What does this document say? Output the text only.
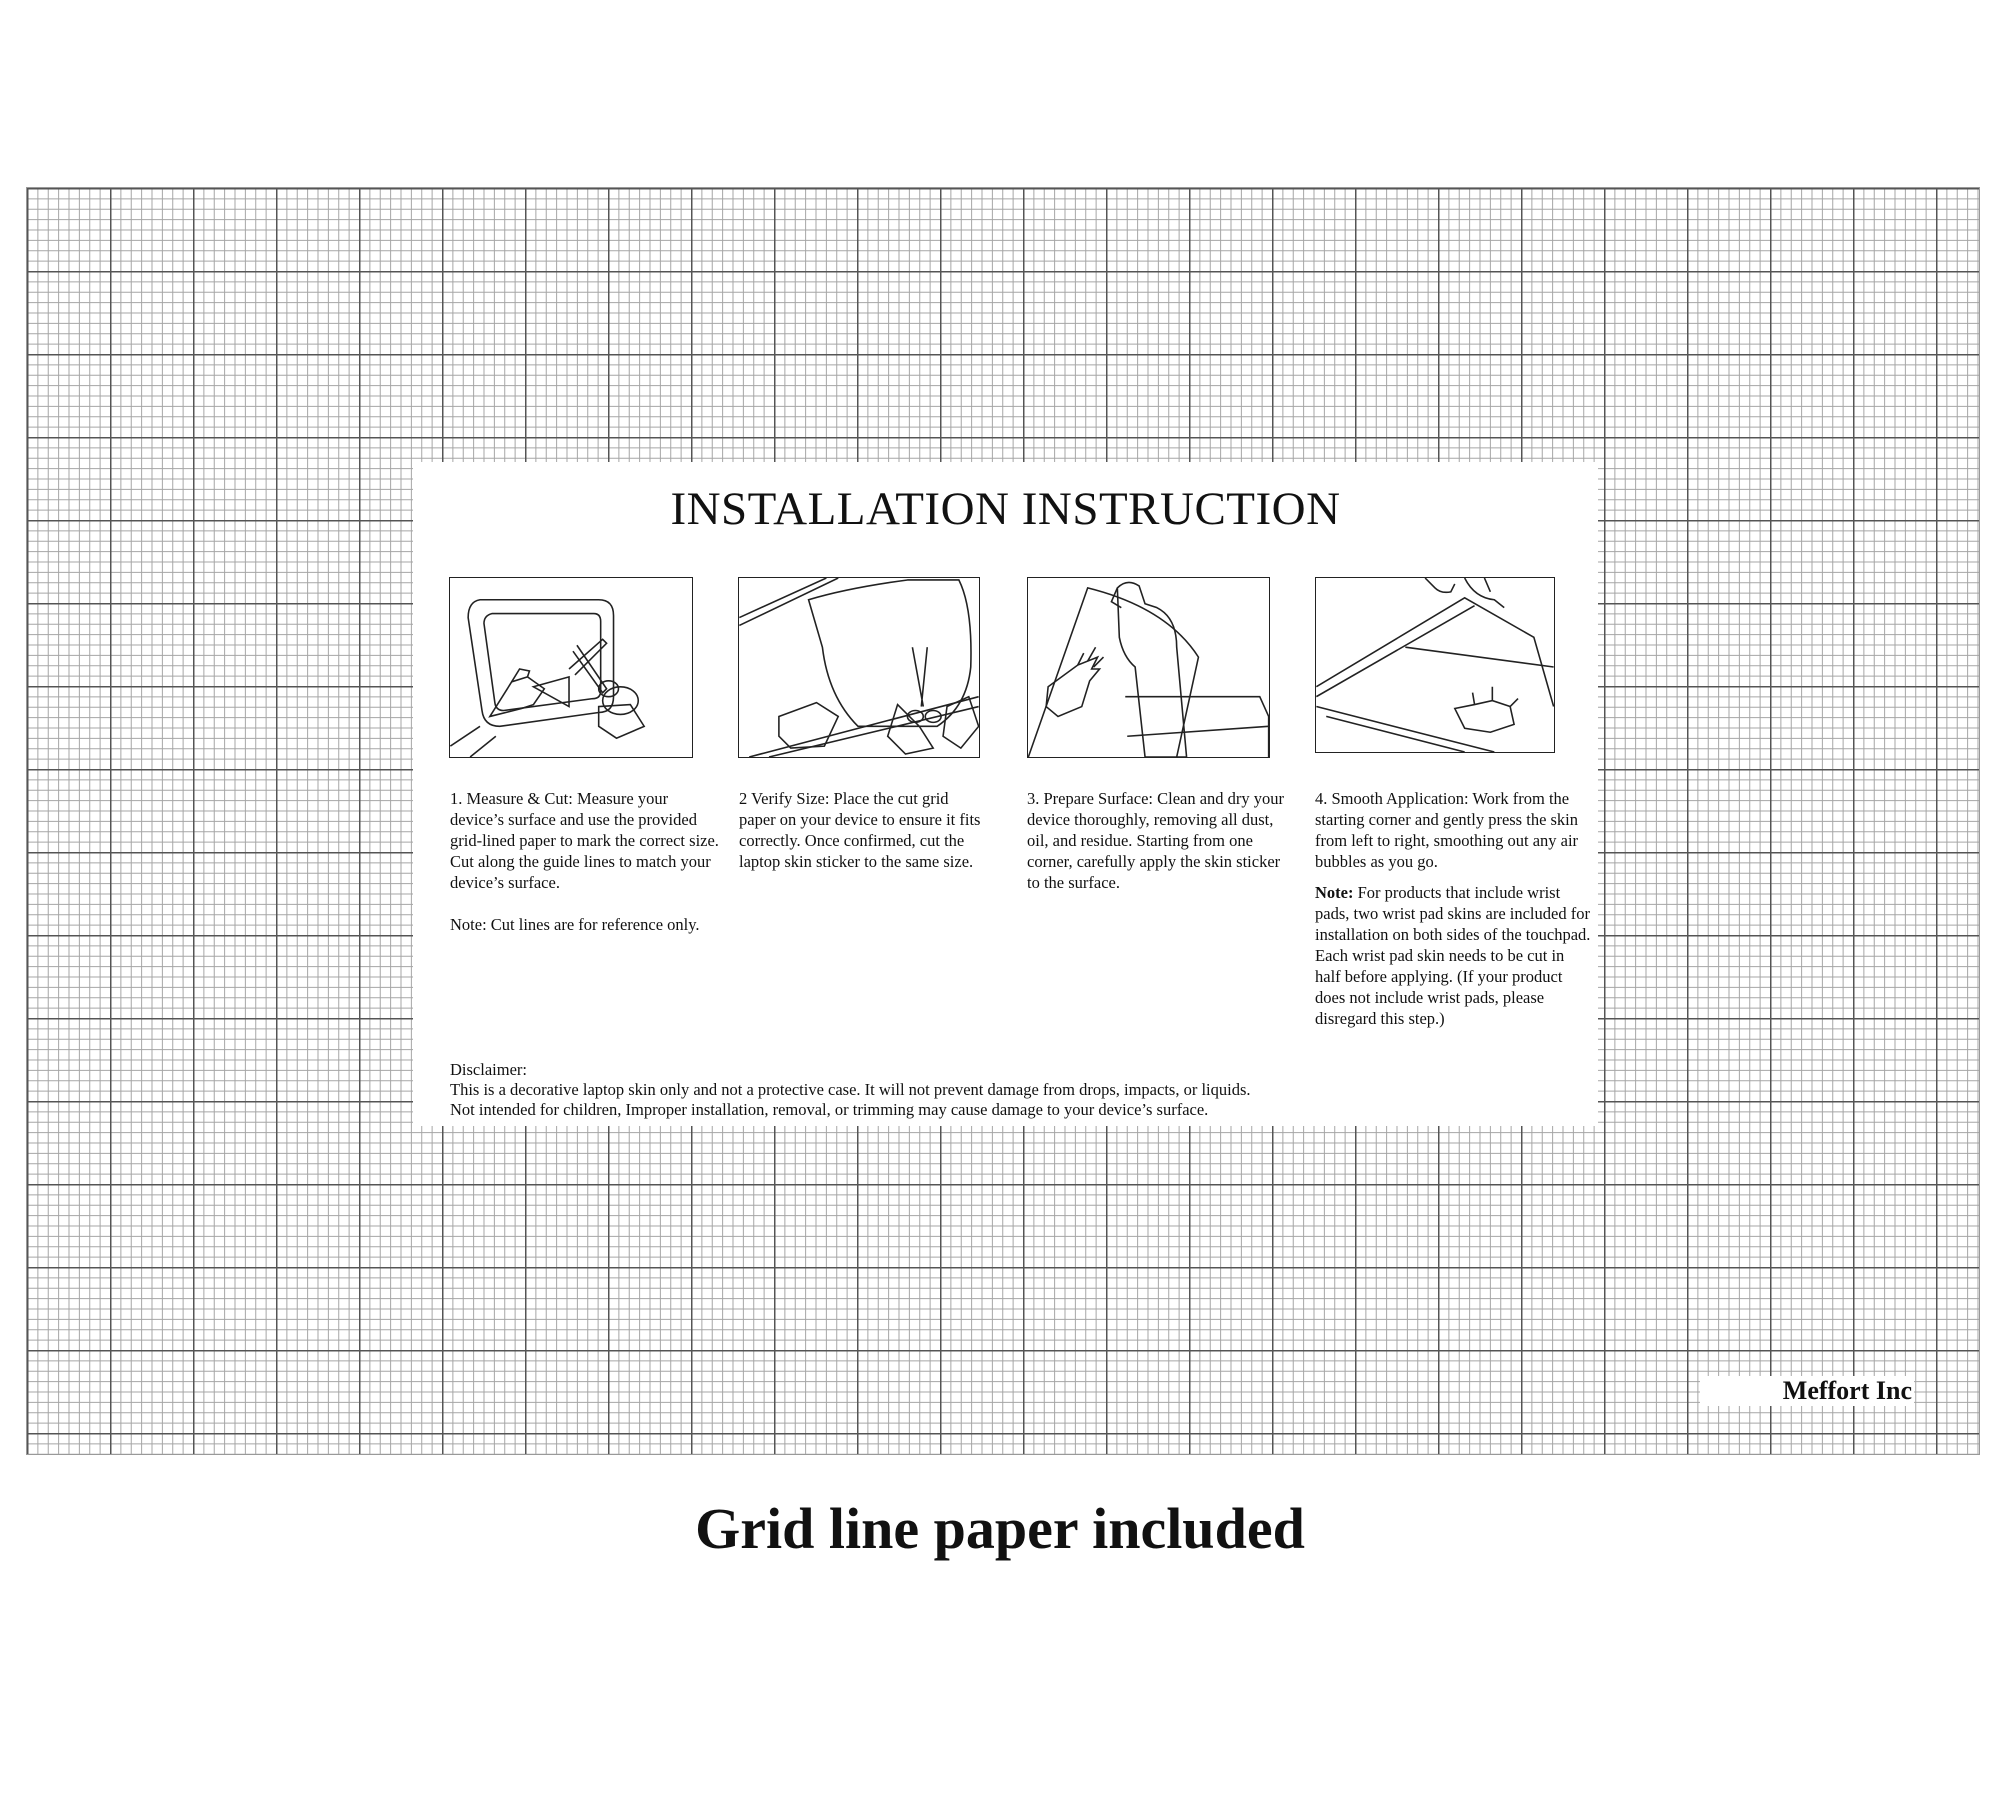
INSTALLATION INSTRUCTION

1. Measure & Cut: Measure your device’s surface and use the provided grid-lined paper to mark the correct size. Cut along the guide lines to match your device’s surface.

Note: Cut lines are for reference only.

2 Verify Size: Place the cut grid paper on your device to ensure it fits correctly. Once confirmed, cut the laptop skin sticker to the same size.

3. Prepare Surface: Clean and dry your device thoroughly, removing all dust, oil, and residue. Starting from one corner, carefully apply the skin sticker to the surface.

4. Smooth Application: Work from the starting corner and gently press the skin from left to right, smoothing out any air bubbles as you go.

Note: For products that include wrist pads, two wrist pad skins are included for installation on both sides of the touchpad. Each wrist pad skin needs to be cut in half before applying. (If your product does not include wrist pads, please disregard this step.)

Disclaimer:
This is a decorative laptop skin only and not a protective case. It will not prevent damage from drops, impacts, or liquids.
Not intended for children, Improper installation, removal, or trimming may cause damage to your device’s surface.
Meffort Inc
Grid line paper included
